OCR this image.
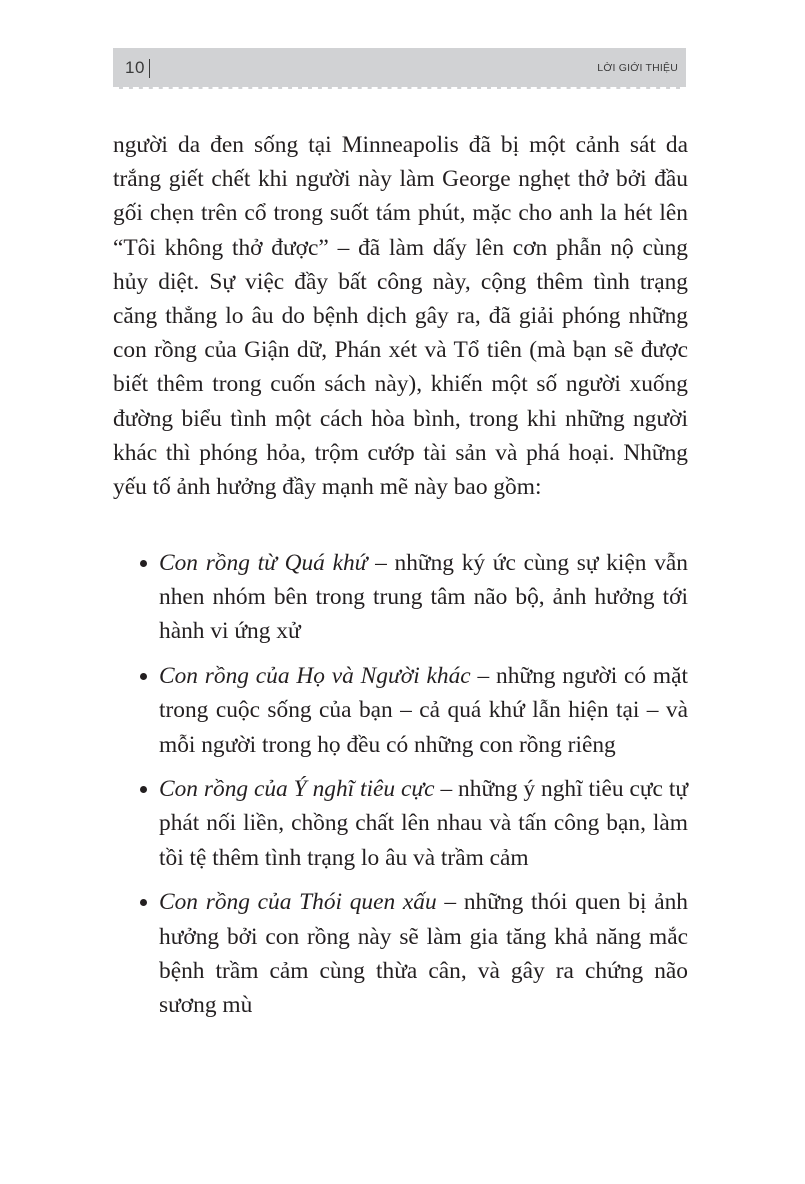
10	LỜI GIỚI THIỆU

người da đen sống tại Minneapolis đã bị một cảnh sát da trắng giết chết khi người này làm George nghẹt thở bởi đầu gối chẹn trên cổ trong suốt tám phút, mặc cho anh la hét lên “Tôi không thở được” – đã làm dấy lên cơn phẫn nộ cùng hủy diệt. Sự việc đầy bất công này, cộng thêm tình trạng căng thẳng lo âu do bệnh dịch gây ra, đã giải phóng những con rồng của Giận dữ, Phán xét và Tổ tiên (mà bạn sẽ được biết thêm trong cuốn sách này), khiến một số người xuống đường biểu tình một cách hòa bình, trong khi những người khác thì phóng hỏa, trộm cướp tài sản và phá hoại. Những yếu tố ảnh hưởng đầy mạnh mẽ này bao gồm:

Con rồng từ Quá khứ – những ký ức cùng sự kiện vẫn nhen nhóm bên trong trung tâm não bộ, ảnh hưởng tới hành vi ứng xử
Con rồng của Họ và Người khác – những người có mặt trong cuộc sống của bạn – cả quá khứ lẫn hiện tại – và mỗi người trong họ đều có những con rồng riêng
Con rồng của Ý nghĩ tiêu cực – những ý nghĩ tiêu cực tự phát nối liền, chồng chất lên nhau và tấn công bạn, làm tồi tệ thêm tình trạng lo âu và trầm cảm
Con rồng của Thói quen xấu – những thói quen bị ảnh hưởng bởi con rồng này sẽ làm gia tăng khả năng mắc bệnh trầm cảm cùng thừa cân, và gây ra chứng não sương mù
